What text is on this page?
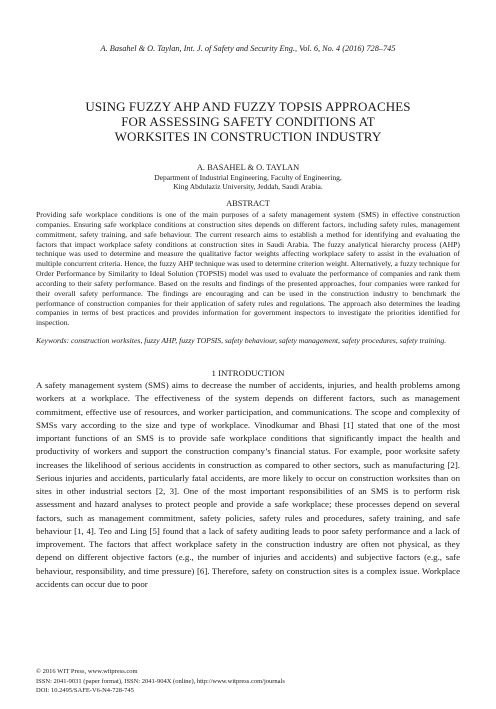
A. Basahel & O. Taylan, Int. J. of Safety and Security Eng., Vol. 6, No. 4 (2016) 728–745
USING FUZZY AHP AND FUZZY TOPSIS APPROACHES
FOR ASSESSING SAFETY CONDITIONS AT
WORKSITES IN CONSTRUCTION INDUSTRY
A. BASAHEL & O. TAYLAN
Department of Industrial Engineering, Faculty of Engineering,
King Abdulaziz University, Jeddah, Saudi Arabia.
ABSTRACT
Providing safe workplace conditions is one of the main purposes of a safety management system (SMS) in effective construction companies. Ensuring safe workplace conditions at construction sites depends on different factors, including safety rules, management commitment, safety training, and safe behaviour. The current research aims to establish a method for identifying and evaluating the factors that impact workplace safety conditions at construction sites in Saudi Arabia. The fuzzy analytical hierarchy process (AHP) technique was used to determine and measure the qualitative factor weights affecting workplace safety to assist in the evaluation of multiple concurrent criteria. Hence, the fuzzy AHP technique was used to determine criterion weight. Alternatively, a fuzzy technique for Order Performance by Similarity to Ideal Solution (TOPSIS) model was used to evaluate the performance of companies and rank them according to their safety performance. Based on the results and findings of the presented approaches, four companies were ranked for their overall safety performance. The findings are encouraging and can be used in the construction industry to benchmark the performance of construction companies for their application of safety rules and regulations. The approach also determines the leading companies in terms of best practices and provides information for government inspectors to investigate the priorities identified for inspection.
Keywords: construction worksites, fuzzy AHP, fuzzy TOPSIS, safety behaviour, safety management, safety procedures, safety training.
1 INTRODUCTION
A safety management system (SMS) aims to decrease the number of accidents, injuries, and health problems among workers at a workplace. The effectiveness of the system depends on different factors, such as management commitment, effective use of resources, and worker participation, and communications. The scope and complexity of SMSs vary according to the size and type of workplace. Vinodkumar and Bhasi [1] stated that one of the most important functions of an SMS is to provide safe workplace conditions that significantly impact the health and productivity of workers and support the construction company’s financial status. For example, poor worksite safety increases the likelihood of serious accidents in construction as compared to other sectors, such as manufacturing [2]. Serious injuries and accidents, particularly fatal accidents, are more likely to occur on construction worksites than on sites in other industrial sectors [2, 3]. One of the most important responsibilities of an SMS is to perform risk assessment and hazard analyses to protect people and provide a safe workplace; these processes depend on several factors, such as management commitment, safety policies, safety rules and procedures, safety training, and safe behaviour [1, 4]. Teo and Ling [5] found that a lack of safety auditing leads to poor safety performance and a lack of improvement. The factors that affect workplace safety in the construction industry are often not physical, as they depend on different objective factors (e.g., the number of injuries and accidents) and subjective factors (e.g., safe behaviour, responsibility, and time pressure) [6]. Therefore, safety on construction sites is a complex issue. Workplace accidents can occur due to poor
© 2016 WIT Press, www.witpress.com
ISSN: 2041-9031 (paper format), ISSN: 2041-904X (online), http://www.witpress.com/journals
DOI: 10.2495/SAFE-V6-N4-728-745
